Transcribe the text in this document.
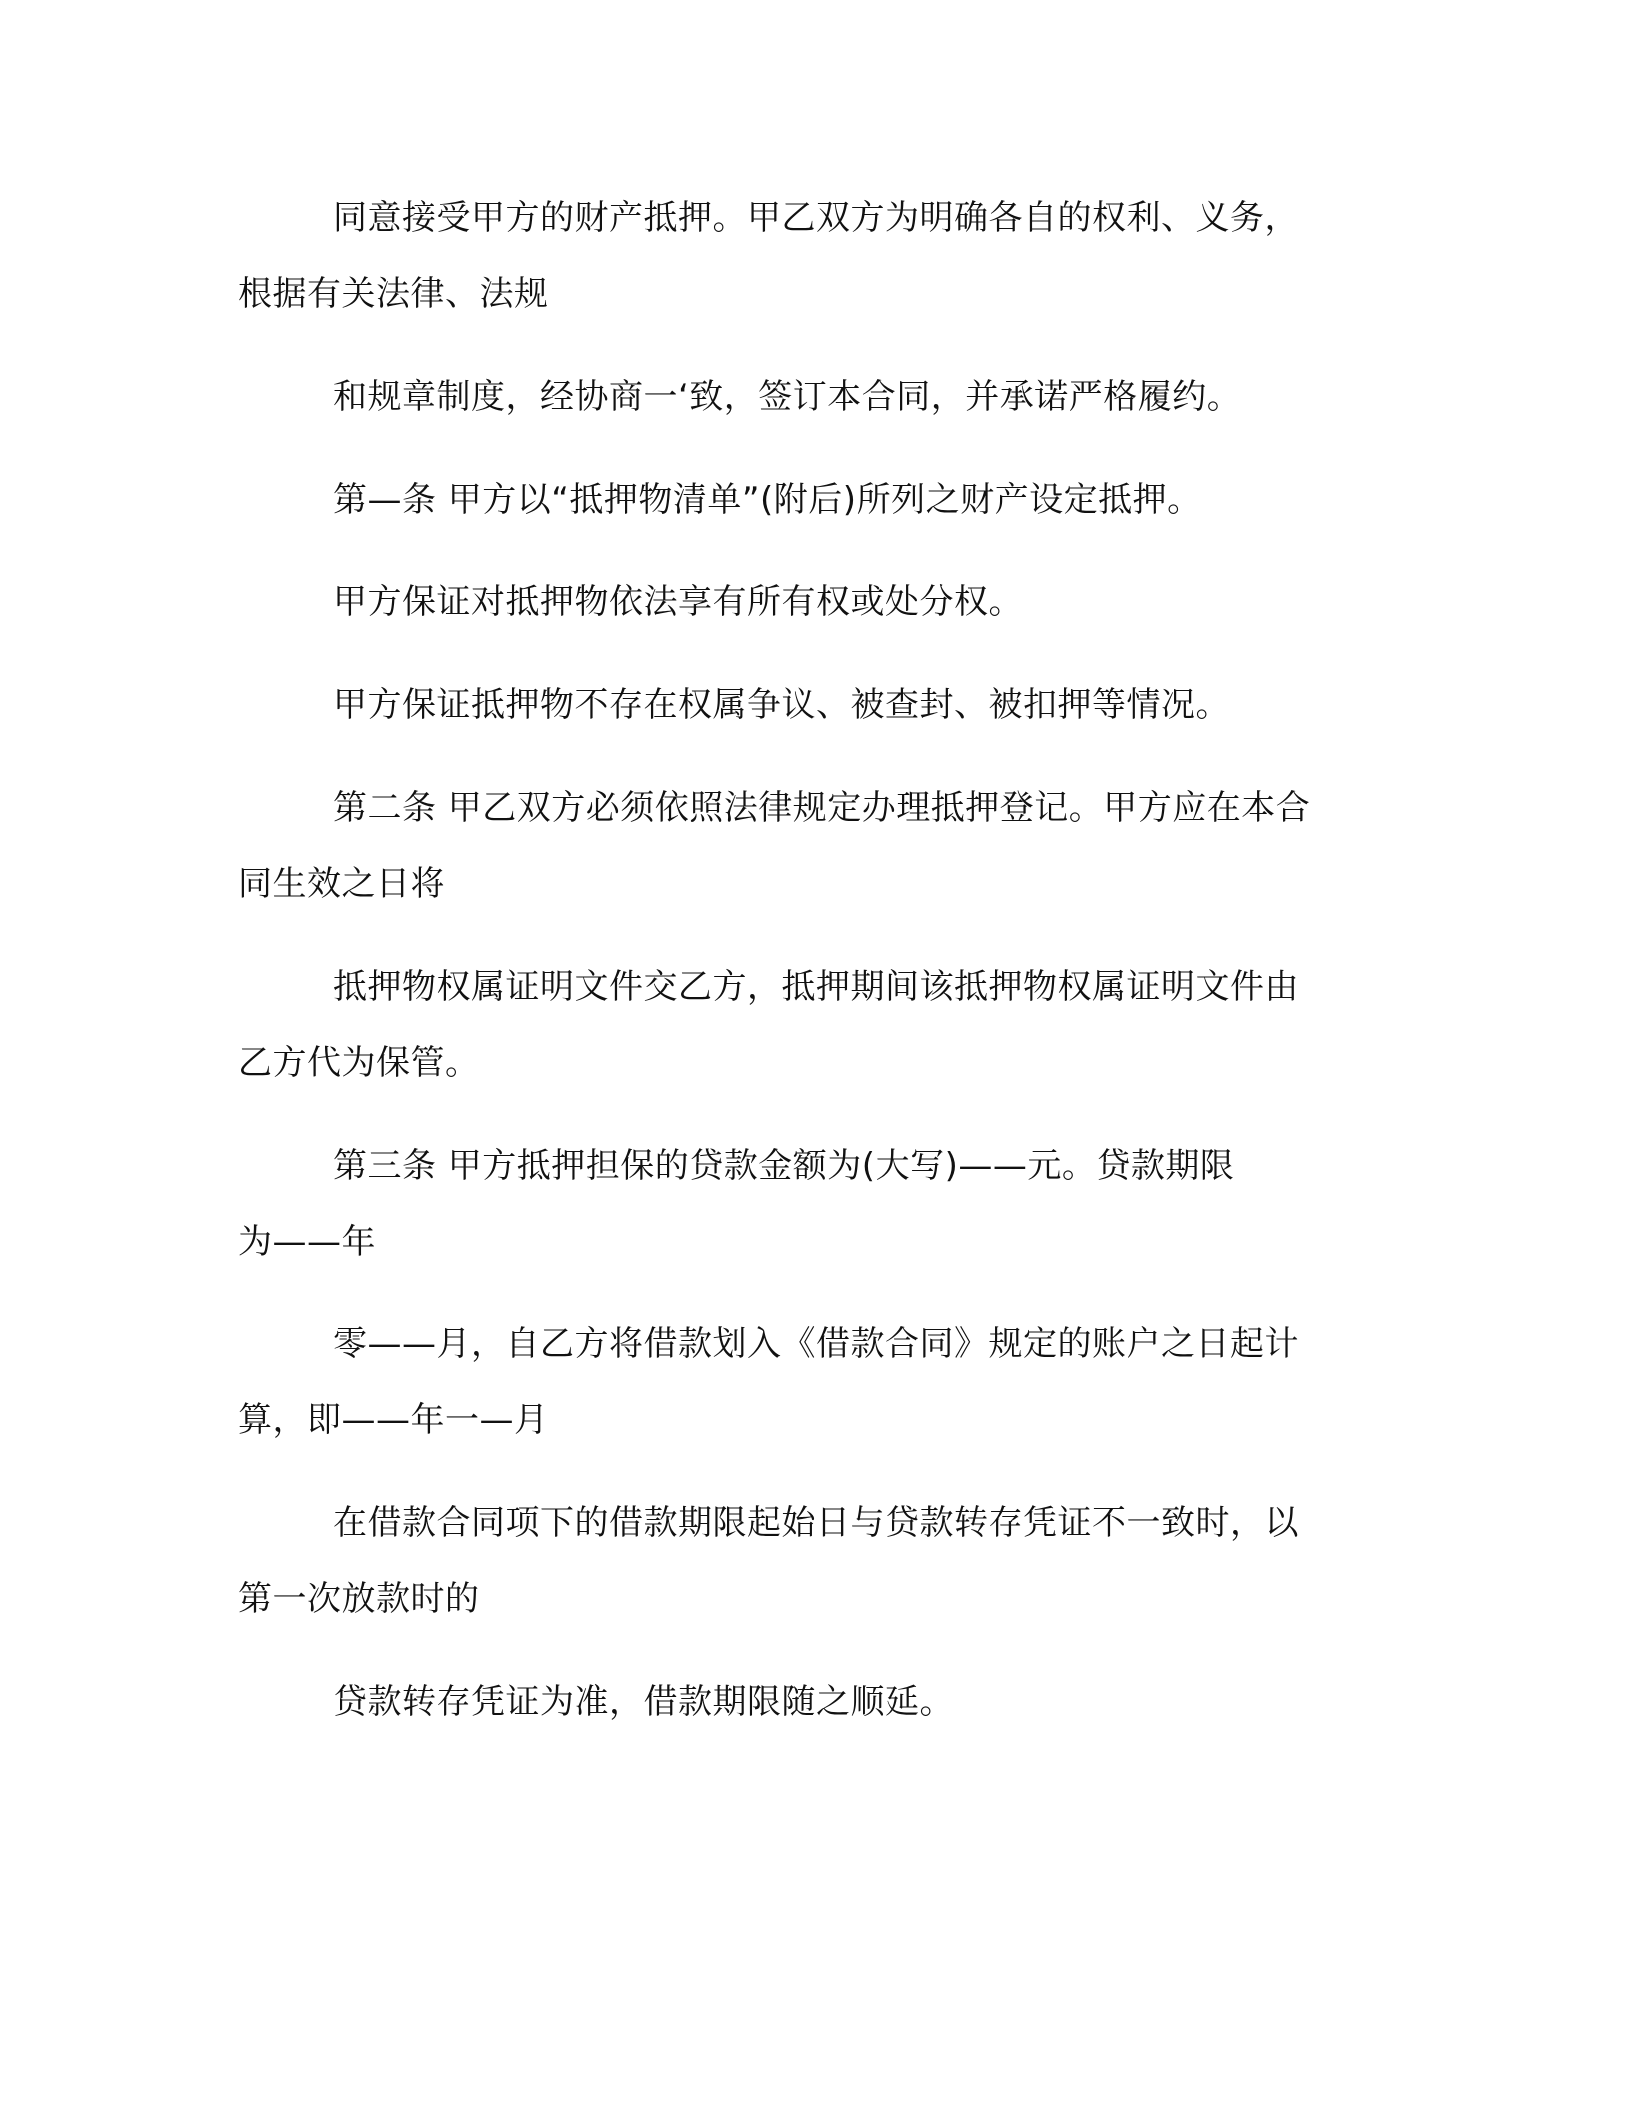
同意接受甲方的财产抵押。甲乙双方为明确各自的权利、义务，

根据有关法律、法规

和规章制度，经协商一‘致，签订本合同，并承诺严格履约。

第—条 甲方以“抵押物清单”(附后)所列之财产设定抵押。

甲方保证对抵押物依法享有所有权或处分权。

甲方保证抵押物不存在权属争议、被查封、被扣押等情况。

第二条 甲乙双方必须依照法律规定办理抵押登记。甲方应在本合

同生效之日将

抵押物权属证明文件交乙方，抵押期间该抵押物权属证明文件由

乙方代为保管。

第三条 甲方抵押担保的贷款金额为(大写)——元。贷款期限

为——年

零——月，自乙方将借款划入《借款合同》规定的账户之日起计

算，即——年一—月

在借款合同项下的借款期限起始日与贷款转存凭证不一致时，以

第一次放款时的

贷款转存凭证为准，借款期限随之顺延。
